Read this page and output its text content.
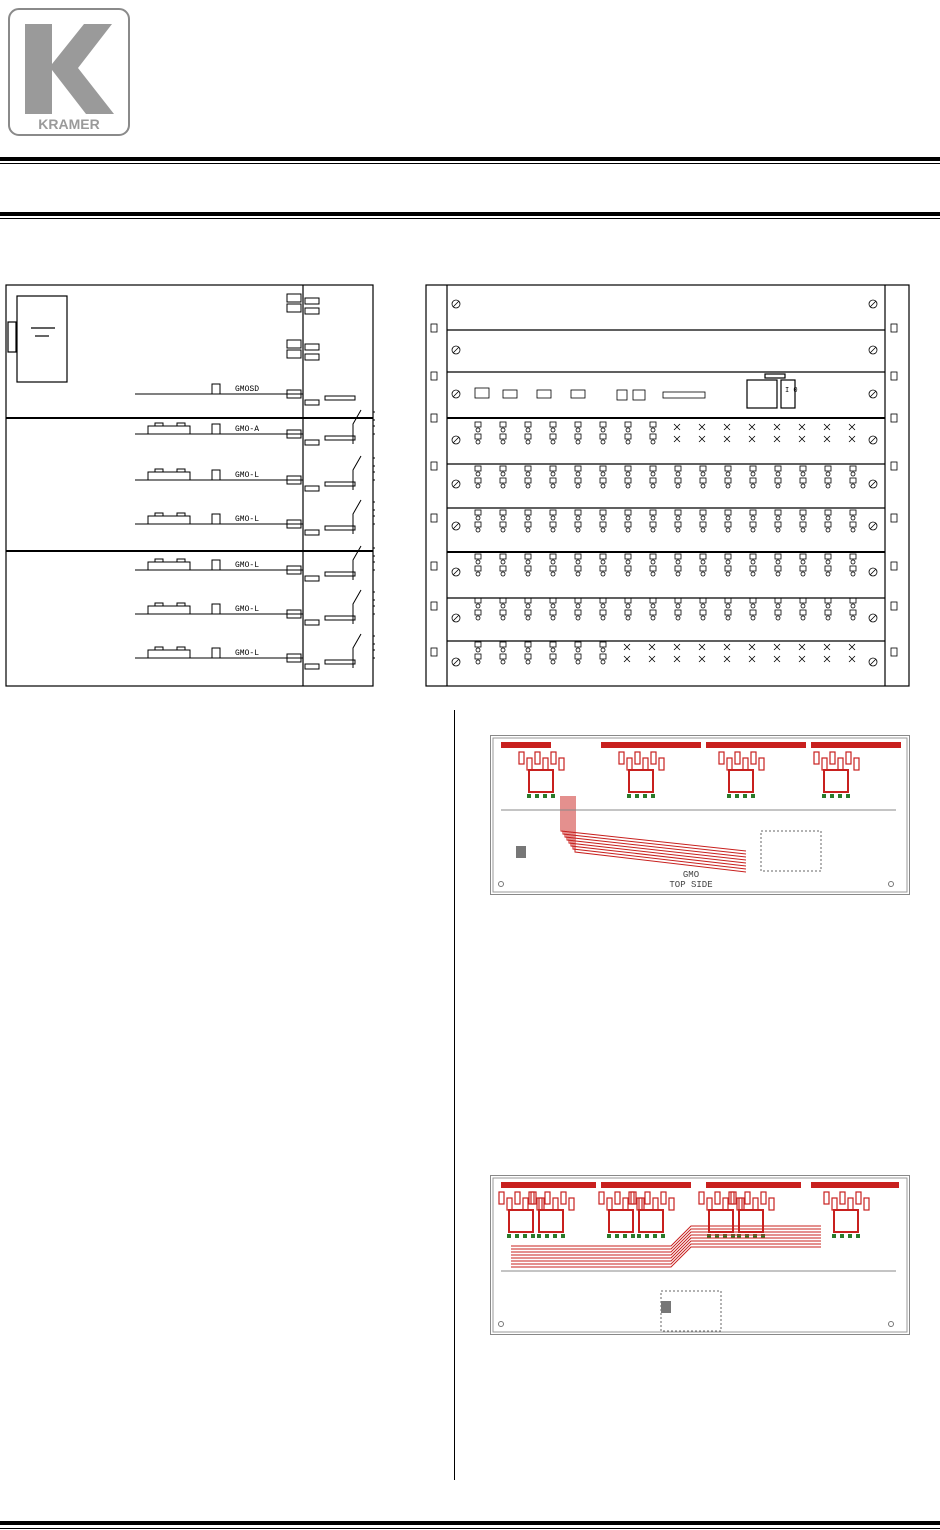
KRAMER
GMOSD
GMO-A
GMO-L
GMO-L
GMO-L
GMO-L
GMO-L
I 0
GMO
TOP SIDE
